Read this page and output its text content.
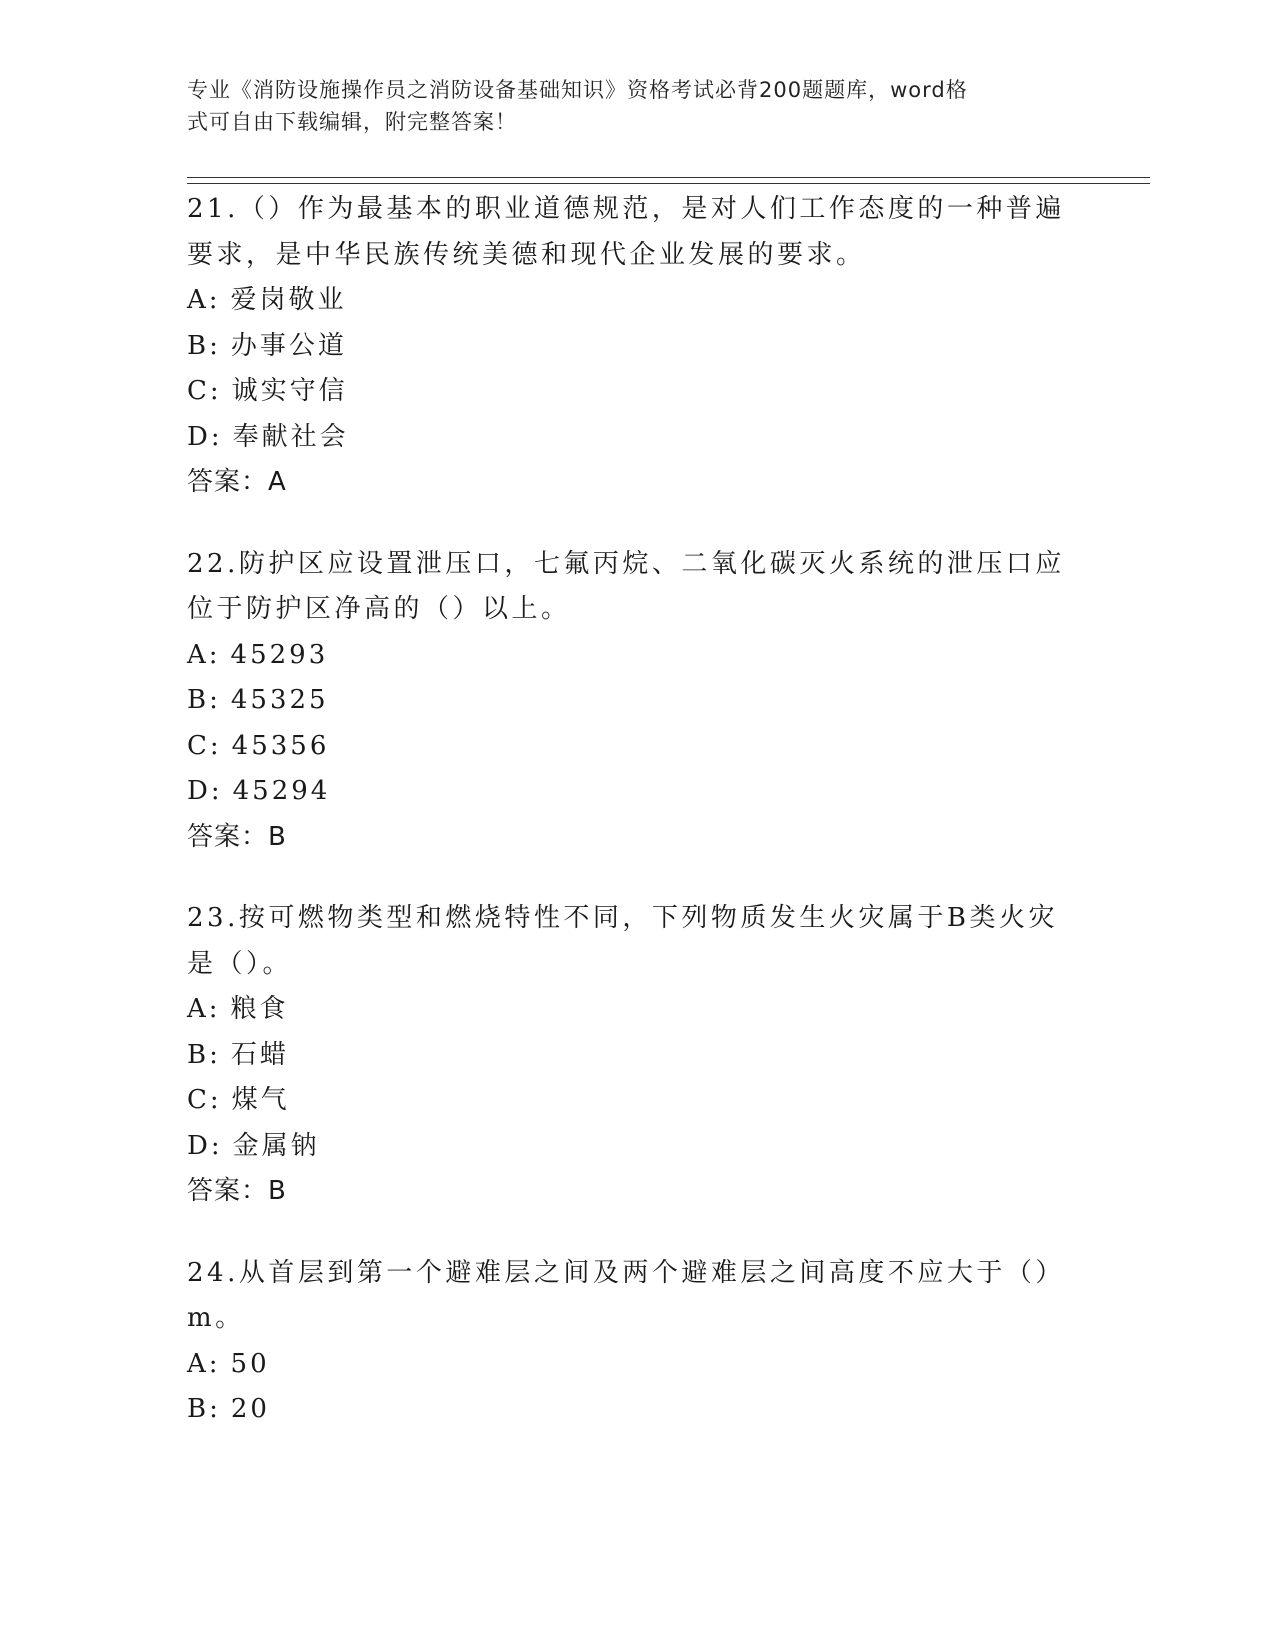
专业《消防设施操作员之消防设备基础知识》资格考试必背200题题库，word格
式可自由下载编辑，附完整答案！

21.（）作为最基本的职业道德规范，是对人们工作态度的一种普遍要求，是中华民族传统美德和现代企业发展的要求。

A: 爱岗敬业

B: 办事公道

C: 诚实守信

D: 奉献社会

答案：A

22.防护区应设置泄压口，七氟丙烷、二氧化碳灭火系统的泄压口应位于防护区净高的（）以上。

A: 45293

B: 45325

C: 45356

D: 45294

答案：B

23.按可燃物类型和燃烧特性不同，下列物质发生火灾属于B类火灾是（）。

A: 粮食

B: 石蜡

C: 煤气

D: 金属钠

答案：B

24.从首层到第一个避难层之间及两个避难层之间高度不应大于（）m。

A: 50

B: 20
